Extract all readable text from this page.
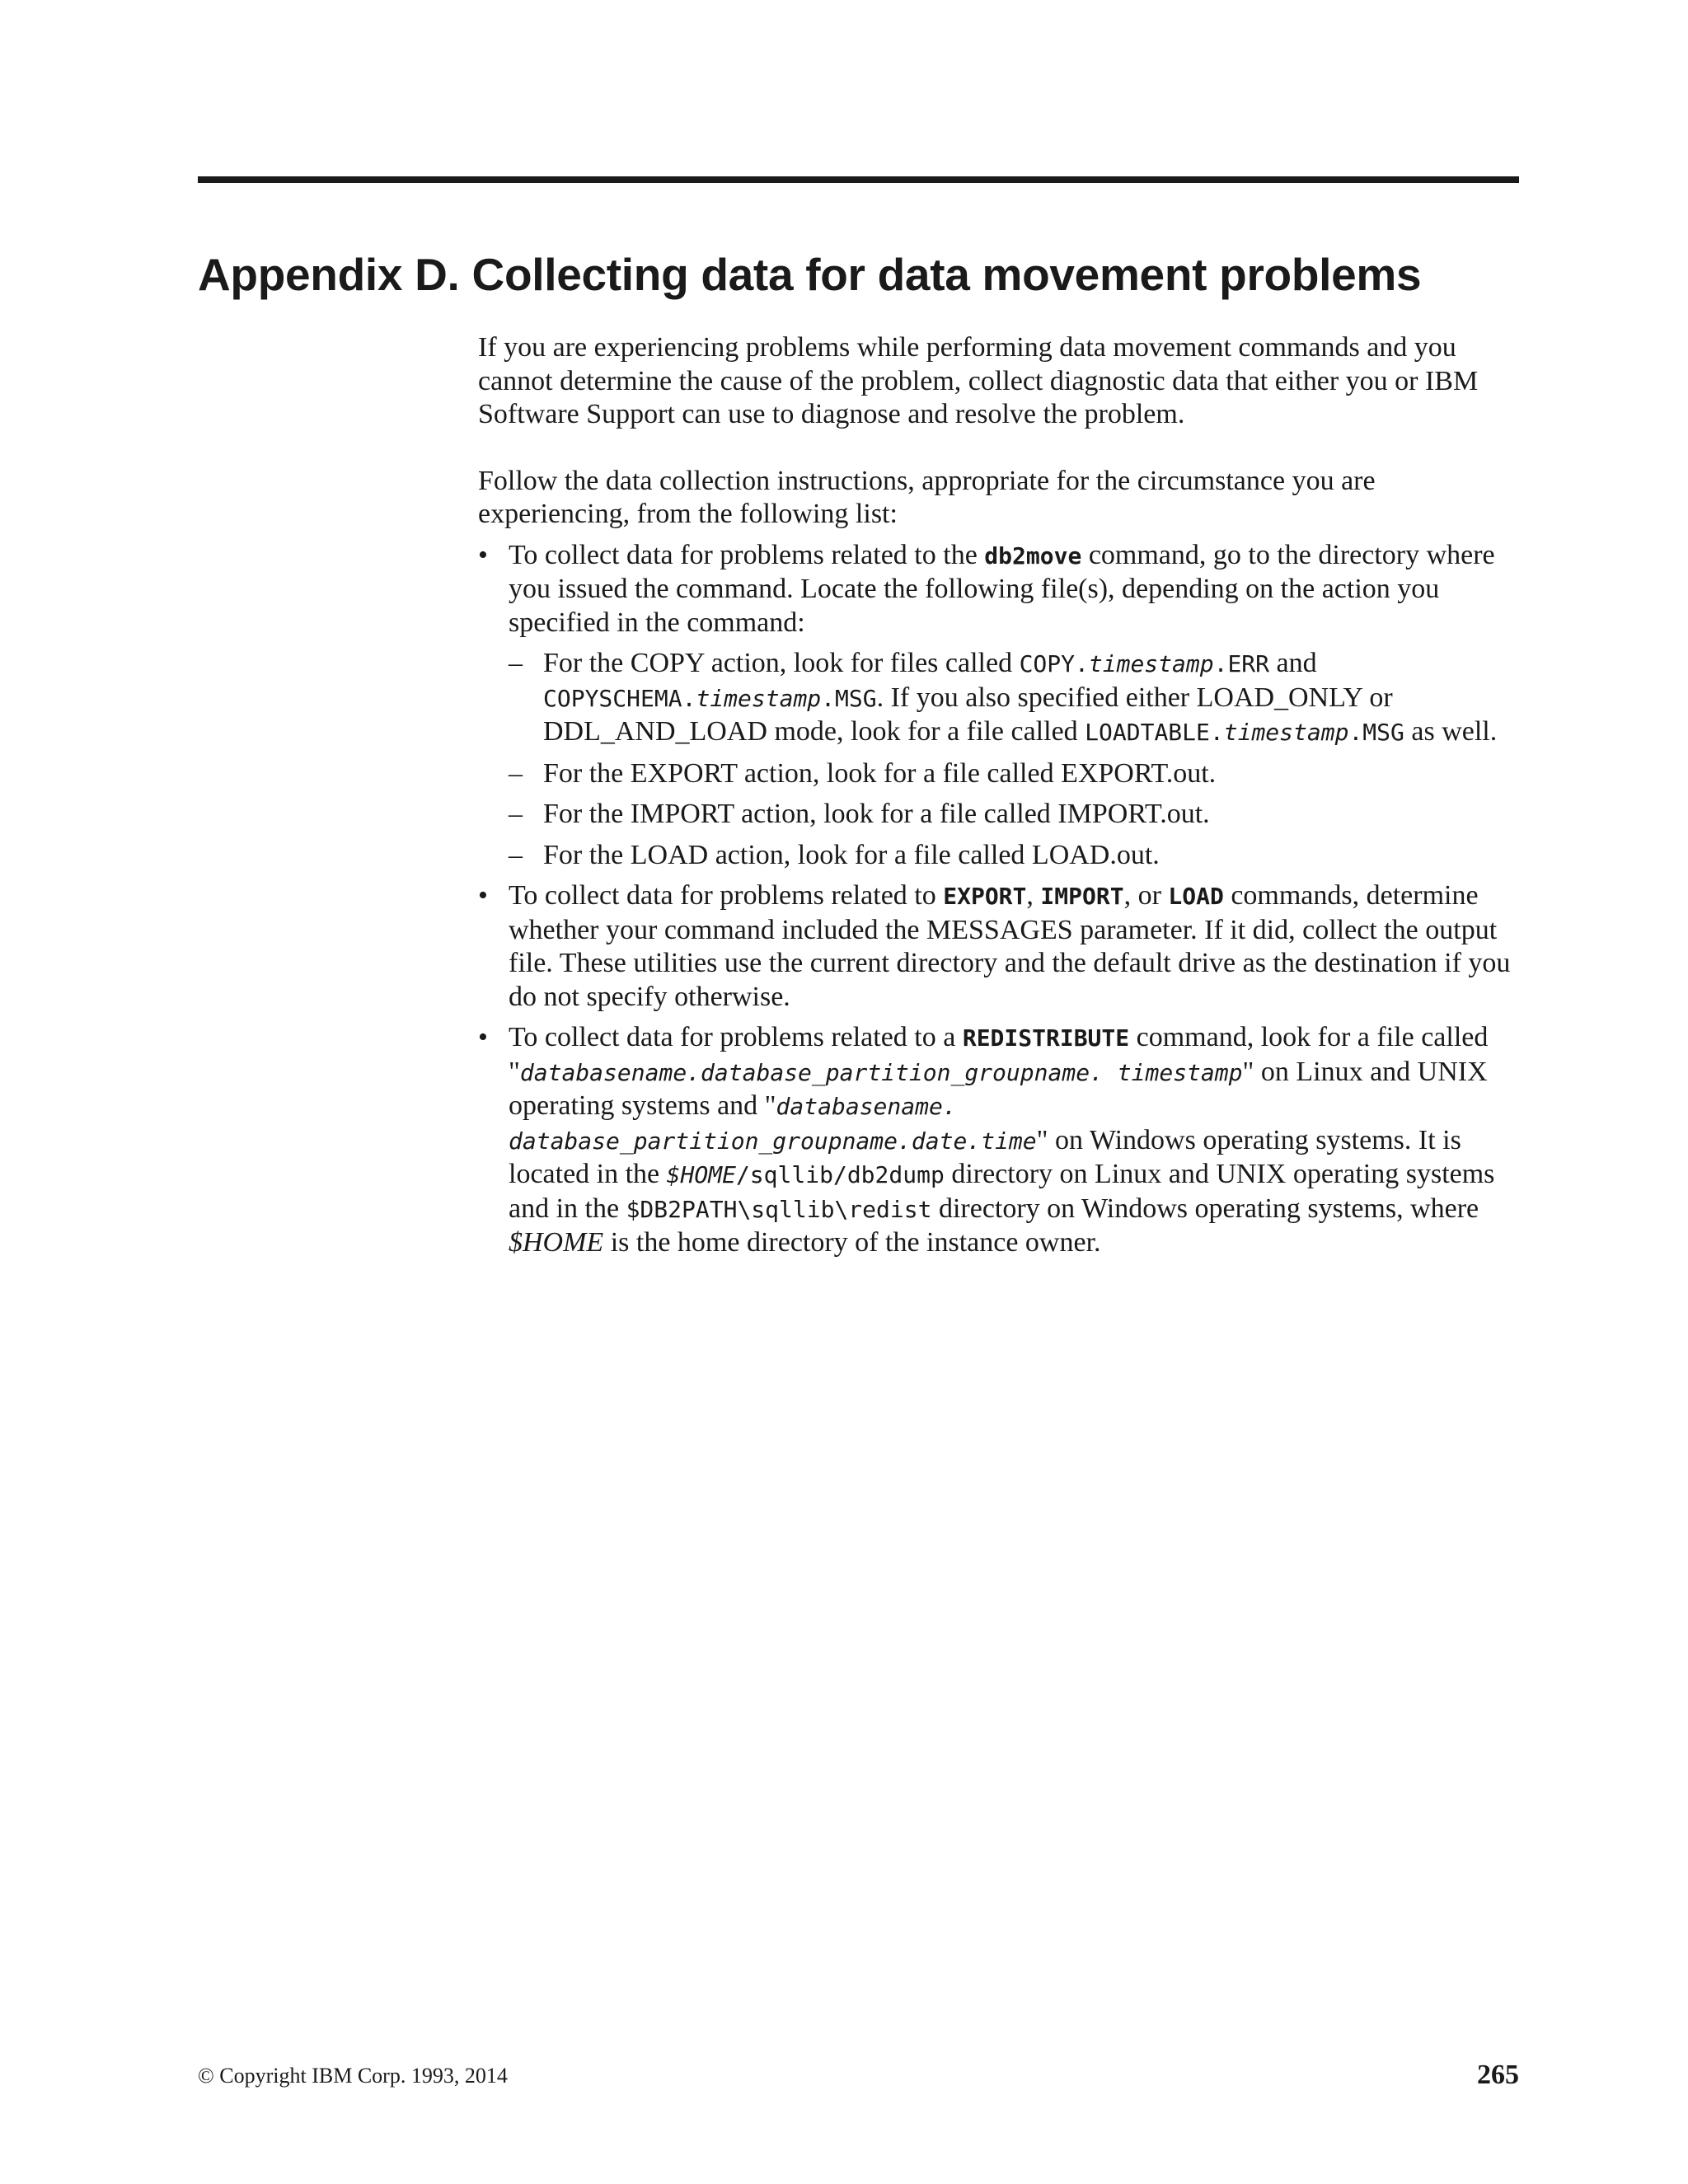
Appendix D. Collecting data for data movement problems

If you are experiencing problems while performing data movement commands and you cannot determine the cause of the problem, collect diagnostic data that either you or IBM Software Support can use to diagnose and resolve the problem.

Follow the data collection instructions, appropriate for the circumstance you are experiencing, from the following list:

• To collect data for problems related to the db2move command, go to the directory where you issued the command. Locate the following file(s), depending on the action you specified in the command:
– For the COPY action, look for files called COPY.timestamp.ERR and COPYSCHEMA.timestamp.MSG. If you also specified either LOAD_ONLY or DDL_AND_LOAD mode, look for a file called LOADTABLE.timestamp.MSG as well.
– For the EXPORT action, look for a file called EXPORT.out.
– For the IMPORT action, look for a file called IMPORT.out.
– For the LOAD action, look for a file called LOAD.out.
• To collect data for problems related to EXPORT, IMPORT, or LOAD commands, determine whether your command included the MESSAGES parameter. If it did, collect the output file. These utilities use the current directory and the default drive as the destination if you do not specify otherwise.
• To collect data for problems related to a REDISTRIBUTE command, look for a file called "databasename.database_partition_groupname. timestamp" on Linux and UNIX operating systems and "databasename.
database_partition_groupname.date.time" on Windows operating systems. It is located in the $HOME/sqllib/db2dump directory on Linux and UNIX operating systems and in the $DB2PATH\sqllib\redist directory on Windows operating systems, where $HOME is the home directory of the instance owner.
© Copyright IBM Corp. 1993, 2014	265
